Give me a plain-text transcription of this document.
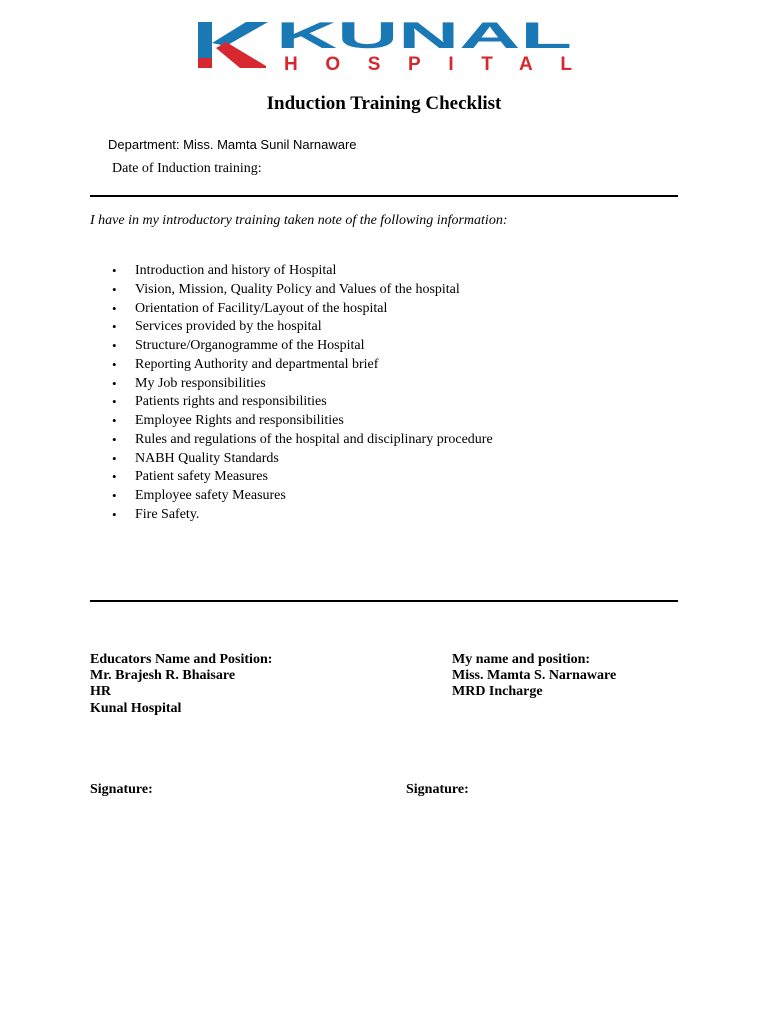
KUNAL
HOSPITAL
Induction Training Checklist
Department: Miss. Mamta Sunil Narnaware
Date of Induction training:
I have in my introductory training taken note of the following information:
• Introduction and history of Hospital
• Vision, Mission, Quality Policy and Values of the hospital
• Orientation of Facility/Layout of the hospital
• Services provided by the hospital
• Structure/Organogramme of the Hospital
• Reporting Authority and departmental brief
• My Job responsibilities
• Patients rights and responsibilities
• Employee Rights and responsibilities
• Rules and regulations of the hospital and disciplinary procedure
• NABH Quality Standards
• Patient safety Measures
• Employee safety Measures
• Fire Safety.
Educators Name and Position:
Mr. Brajesh R. Bhaisare
HR
Kunal Hospital
My name and position:
Miss. Mamta S. Narnaware
MRD Incharge
Signature:	Signature:
